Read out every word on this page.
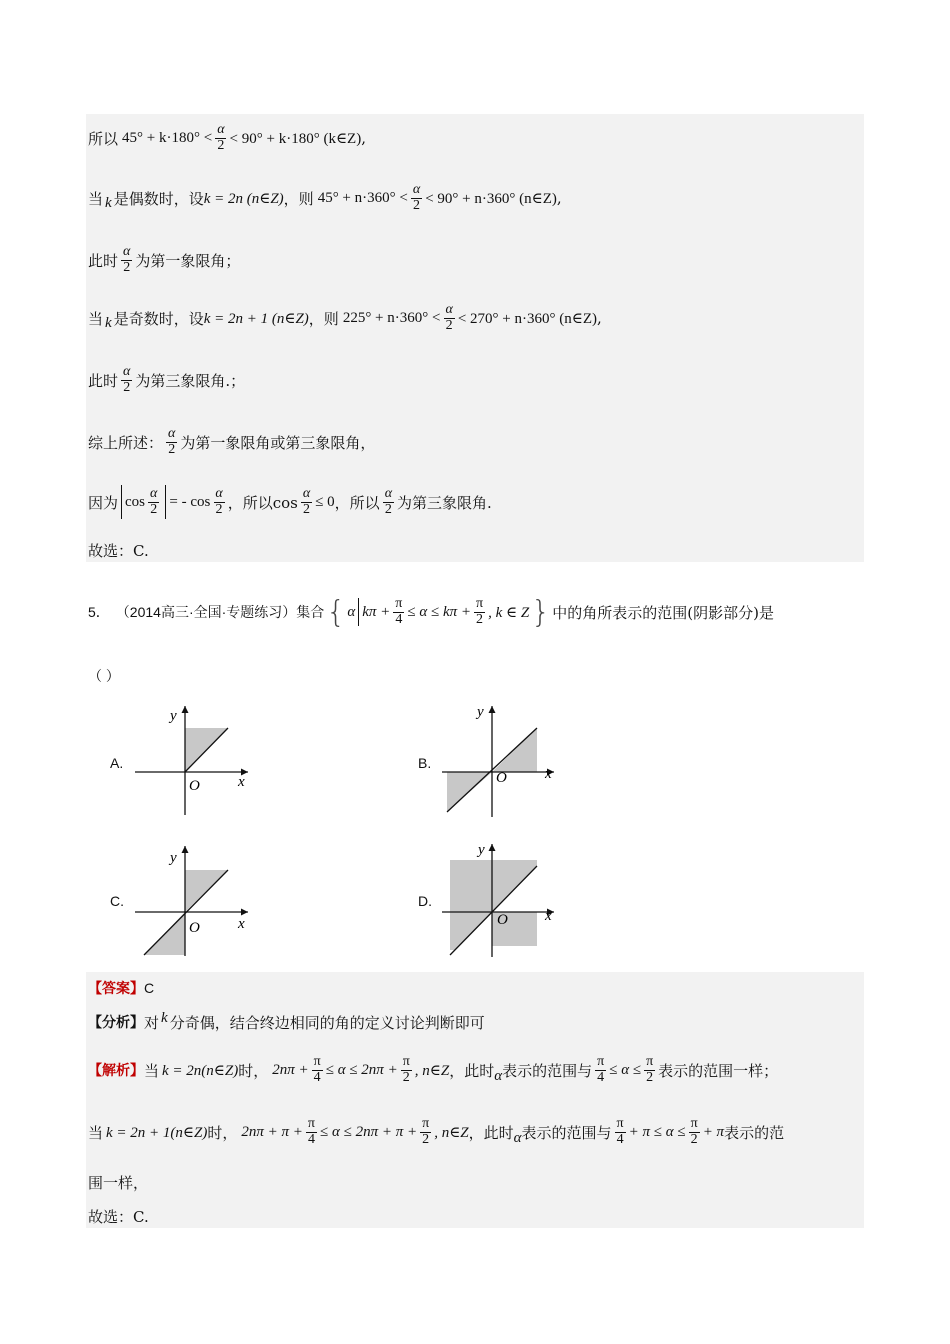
所以 $45^\circ + k\cdot 180^\circ < \frac{\alpha}{2} < 90^\circ + k\cdot 180^\circ$ (k∈Z) ,
当 k 是偶数时，设 k = 2n (n∈Z) ，则 $45^\circ + n\cdot 360^\circ < \frac{\alpha}{2} < 90^\circ + n\cdot 360^\circ$ (n∈Z) ,
此时 $\frac{\alpha}{2}$ 为第一象限角；
当 k 是奇数时，设 k = 2n + 1 (n∈Z) ，则 $225^\circ + n\cdot 360^\circ < \frac{\alpha}{2} < 270^\circ + n\cdot 360^\circ$ (n∈Z) ,
此时 $\frac{\alpha}{2}$ 为第三象限角.；
综上所述： $\frac{\alpha}{2}$ 为第一象限角或第三象限角，
因为 $\cos \frac{\alpha}{2}$ = - $\cos \frac{\alpha}{2}$ ，所以$\cos \frac{\alpha}{2} \le 0$ ，所以 $\frac{\alpha}{2}$ 为第三象限角.
故选：C.
5． （2014高三·全国·专题练习）集合 { α $k\pi + \frac{\pi}{4} \le \alpha \le k\pi + \frac{\pi}{2}$ , k ∈ Z } 中的角所表示的范围(阴影部分)是
（ ）
A.	B.
C.	D.
x
y
O
x
y
O
x
y
O
x
y
O
【答案】 C
【分析】 对 k 分奇偶，结合终边相同的角的定义讨论判断即可
【解析】 当 k = 2n(n∈Z) 时， $2n\pi + \frac{\pi}{4} \le \alpha \le 2n\pi + \frac{\pi}{2}$ , n∈Z ，此时 α 表示的范围与 $\frac{\pi}{4} \le \alpha \le \frac{\pi}{2}$ 表示的范围一样；
当 k = 2n + 1(n∈Z) 时， $2n\pi + \pi + \frac{\pi}{4} \le \alpha \le 2n\pi + \pi + \frac{\pi}{2}$ , n∈Z ，此时 α 表示的范围与 $\frac{\pi}{4} + \pi \le \alpha \le \frac{\pi}{2} + \pi$ 表示的范
围一样，
故选：C.
